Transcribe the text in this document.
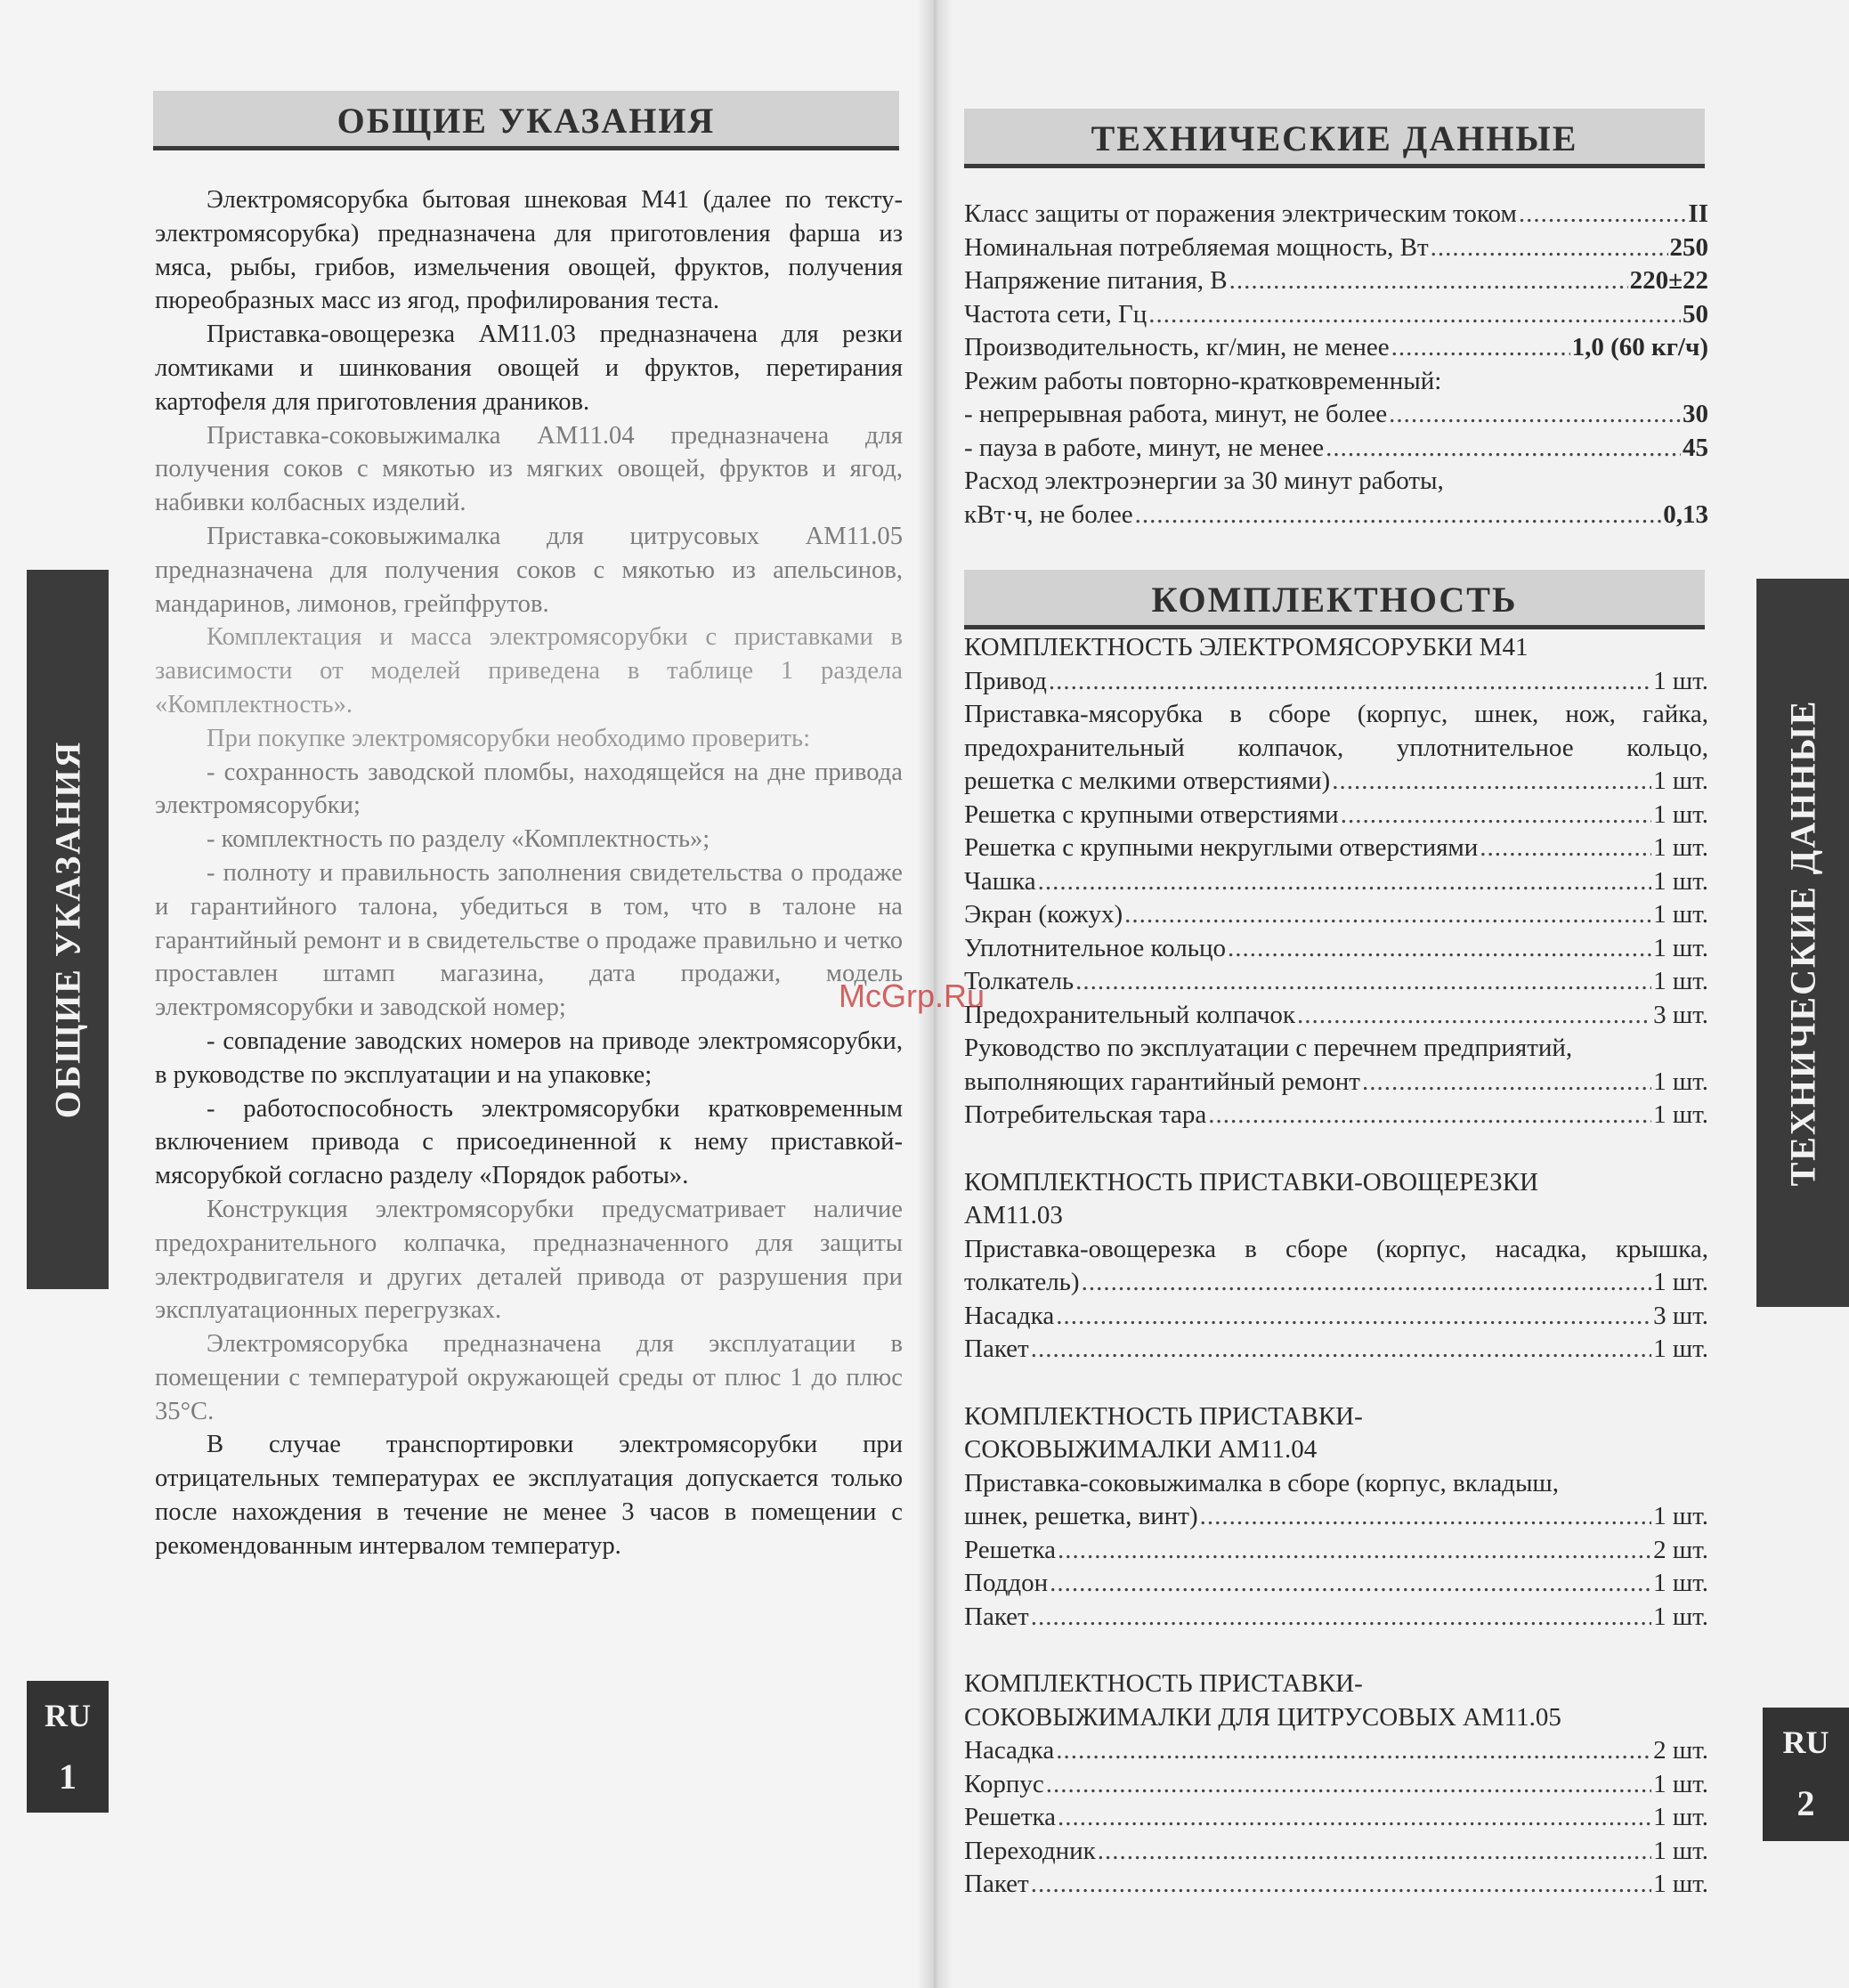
ОБЩИЕ УКАЗАНИЯ
ОБЩИЕ УКАЗАНИЯ
RU
1

Электромясорубка бытовая шнековая М41 (далее по тексту-электромясорубка) предназначена для приготовления фарша из мяса, рыбы, грибов, измельчения овощей, фруктов, получения пюреобразных масс из ягод, профилирования теста.

Приставка-овощерезка АМ11.03 предназначена для резки ломтиками и шинкования овощей и фруктов, перетирания картофеля для приготовления драников.

Приставка-соковыжималка АМ11.04 предназначена для получения соков с мякотью из мягких овощей, фруктов и ягод, набивки колбасных изделий.

Приставка-соковыжималка для цитрусовых АМ11.05 предназначена для получения соков с мякотью из апельсинов, мандаринов, лимонов, грейпфрутов.

Комплектация и масса электромясорубки с приставками в зависимости от моделей приведена в таблице 1 раздела «Комплектность».

При покупке электромясорубки необходимо проверить:

- сохранность заводской пломбы, находящейся на дне привода электромясорубки;

- комплектность по разделу «Комплектность»;

- полноту и правильность заполнения свидетельства о продаже и гарантийного талона, убедиться в том, что в талоне на гарантийный ремонт и в свидетельстве о продаже правильно и четко проставлен штамп магазина, дата продажи, модель электромясорубки и заводской номер;

- совпадение заводских номеров на приводе электромясорубки, в руководстве по эксплуатации и на упаковке;

- работоспособность электромясорубки кратковременным включением привода с присоединенной к нему приставкой-мясорубкой согласно разделу «Порядок работы».

Конструкция электромясорубки предусматривает наличие предохранительного колпачка, предназначенного для защиты электродвигателя и других деталей привода от разрушения при эксплуатационных перегрузках.

Электромясорубка предназначена для эксплуатации в помещении с температурой окружающей среды от плюс 1 до плюс 35°С.

В случае транспортировки электромясорубки при отрицательных температурах ее эксплуатация допускается только после нахождения в течение не менее 3 часов в помещении с рекомендованным интервалом температур.

ТЕХНИЧЕСКИЕ ДАННЫЕ
Класс защиты от поражения электрическим током .....	II
Номинальная потребляемая мощность, Вт .....	250
Напряжение питания, В .....	220±22
Частота сети, Гц .....	50
Производительность, кг/мин, не менее .....	1,0 (60 кг/ч)
Режим работы повторно-кратковременный:
- непрерывная работа, минут, не более .....	30
- пауза в работе, минут, не менее .....	45
Расход электроэнергии за 30 минут работы,
кВт·ч, не более .....	0,13
КОМПЛЕКТНОСТЬ
КОМПЛЕКТНОСТЬ ЭЛЕКТРОМЯСОРУБКИ М41
Привод .....	1 шт.
Приставка-мясорубка в сборе (корпус, шнек, нож, гайка,
предохранительный колпачок, уплотнительное кольцо,
решетка с мелкими отверстиями) .....	1 шт.
Решетка с крупными отверстиями .....	1 шт.
Решетка с крупными некруглыми отверстиями .....	1 шт.
Чашка .....	1 шт.
Экран (кожух) .....	1 шт.
Уплотнительное кольцо .....	1 шт.
Толкатель .....	1 шт.
Предохранительный колпачок .....	3 шт.
Руководство по эксплуатации с перечнем предприятий,
выполняющих гарантийный ремонт .....	1 шт.
Потребительская тара .....	1 шт.
КОМПЛЕКТНОСТЬ ПРИСТАВКИ-ОВОЩЕРЕЗКИ
АМ11.03
Приставка-овощерезка в сборе (корпус, насадка, крышка,
толкатель) .....	1 шт.
Насадка .....	3 шт.
Пакет .....	1 шт.
КОМПЛЕКТНОСТЬ ПРИСТАВКИ-
СОКОВЫЖИМАЛКИ АМ11.04
Приставка-соковыжималка в сборе (корпус, вкладыш,
шнек, решетка, винт) .....	1 шт.
Решетка .....	2 шт.
Поддон .....	1 шт.
Пакет .....	1 шт.
КОМПЛЕКТНОСТЬ ПРИСТАВКИ-
СОКОВЫЖИМАЛКИ ДЛЯ ЦИТРУСОВЫХ АМ11.05
Насадка .....	2 шт.
Корпус .....	1 шт.
Решетка .....	1 шт.
Переходник .....	1 шт.
Пакет .....	1 шт.
ТЕХНИЧЕСКИЕ ДАННЫЕ
RU
2
McGrp.Ru
